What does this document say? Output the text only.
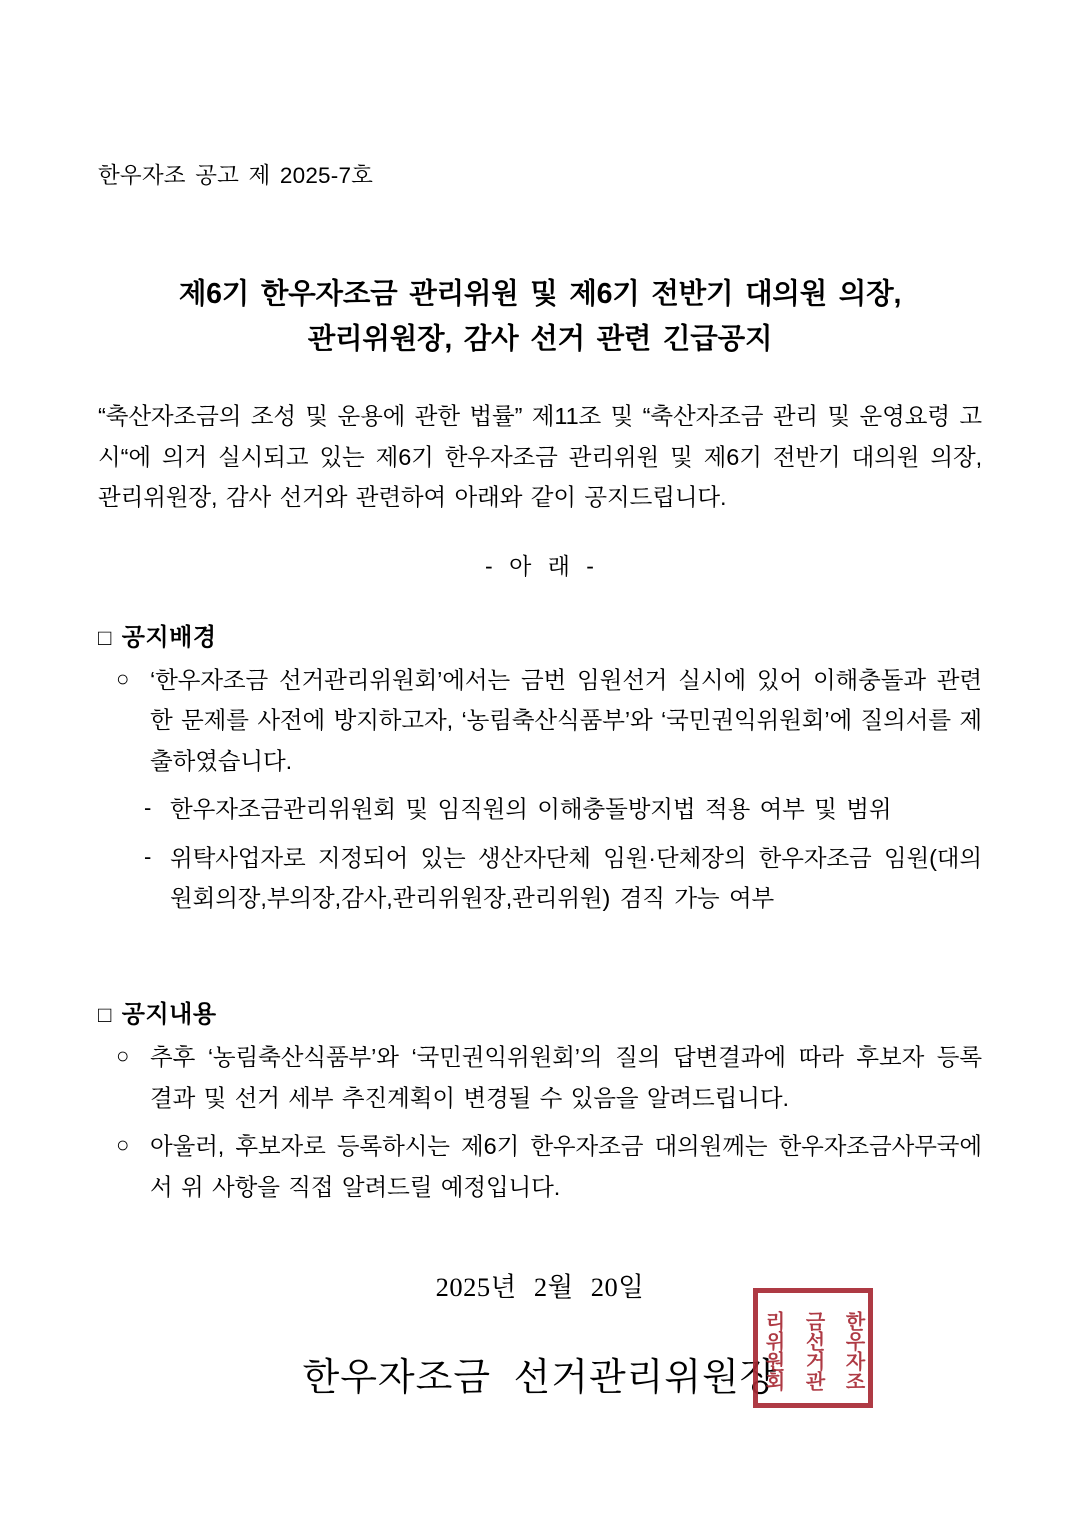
한우자조 공고 제 2025-7호
제6기 한우자조금 관리위원 및 제6기 전반기 대의원 의장,
관리위원장, 감사 선거 관련 긴급공지
“축산자조금의 조성 및 운용에 관한 법률” 제11조 및 “축산자조금 관리 및 운영요령 고시“에 의거 실시되고 있는 제6기 한우자조금 관리위원 및 제6기 전반기 대의원 의장, 관리위원장, 감사 선거와 관련하여 아래와 같이 공지드립니다.
- 아 래 -
□ 공지배경
○ ‘한우자조금 선거관리위원회’에서는 금번 임원선거 실시에 있어 이해충돌과 관련한 문제를 사전에 방지하고자, ‘농림축산식품부’와 ‘국민권익위원회’에 질의서를 제출하였습니다.
- 한우자조금관리위원회 및 임직원의 이해충돌방지법 적용 여부 및 범위
- 위탁사업자로 지정되어 있는 생산자단체 임원·단체장의 한우자조금 임원(대의원회의장,부의장,감사,관리위원장,관리위원) 겸직 가능 여부
□ 공지내용
○ 추후 ‘농림축산식품부’와 ‘국민권익위원회’의 질의 답변결과에 따라 후보자 등록 결과 및 선거 세부 추진계획이 변경될 수 있음을 알려드립니다.
○ 아울러, 후보자로 등록하시는 제6기 한우자조금 대의원께는 한우자조금사무국에서 위 사항을 직접 알려드릴 예정입니다.
2025년 2월 20일
한우자조금 선거관리위원장	한우자조
금선거관
리위원회
